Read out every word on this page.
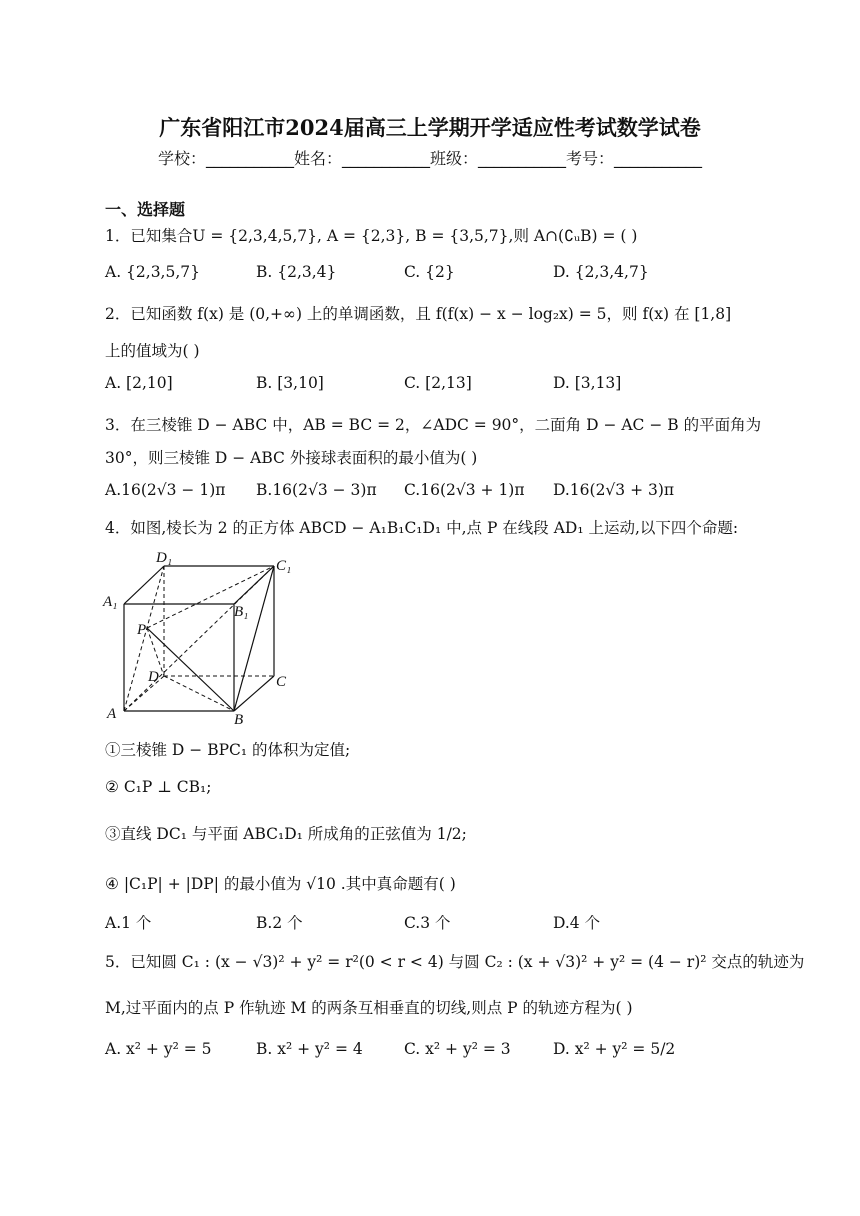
广东省阳江市2024届高三上学期开学适应性考试数学试卷
学校：___________姓名：___________班级：___________考号：___________
一、选择题
1．已知集合U = {2,3,4,5,7}, A = {2,3}, B = {3,5,7},则 A∩(∁ᵤB) = ( )
A. {2,3,5,7}	B. {2,3,4}	C. {2}	D. {2,3,4,7}
2．已知函数 f(x) 是 (0,+∞) 上的单调函数，且 f(f(x) − x − log₂x) = 5，则 f(x) 在 [1,8]
上的值域为( )
A. [2,10]	B. [3,10]	C. [2,13]	D. [3,13]
3．在三棱锥 D − ABC 中，AB = BC = 2，∠ADC = 90°，二面角 D − AC − B 的平面角为
30°，则三棱锥 D − ABC 外接球表面积的最小值为( )
A.16(2√3 − 1)π B.16(2√3 − 3)π C.16(2√3 + 1)π D.16(2√3 + 3)π
4．如图,棱长为 2 的正方体 ABCD − A₁B₁C₁D₁ 中,点 P 在线段 AD₁ 上运动,以下四个命题:
D₁	C₁
A₁
B₁
P
D	C
A	B
①三棱锥 D − BPC₁ 的体积为定值;
② C₁P ⊥ CB₁;
③直线 DC₁ 与平面 ABC₁D₁ 所成角的正弦值为 1/2;
④ |C₁P| + |DP| 的最小值为 √10 .其中真命题有( )
A.1 个	B.2 个	C.3 个	D.4 个
5．已知圆 C₁ : (x − √3)² + y² = r²(0 < r < 4) 与圆 C₂ : (x + √3)² + y² = (4 − r)² 交点的轨迹为
M,过平面内的点 P 作轨迹 M 的两条互相垂直的切线,则点 P 的轨迹方程为( )
A. x² + y² = 5	B. x² + y² = 4	C. x² + y² = 3	D. x² + y² = 5/2
